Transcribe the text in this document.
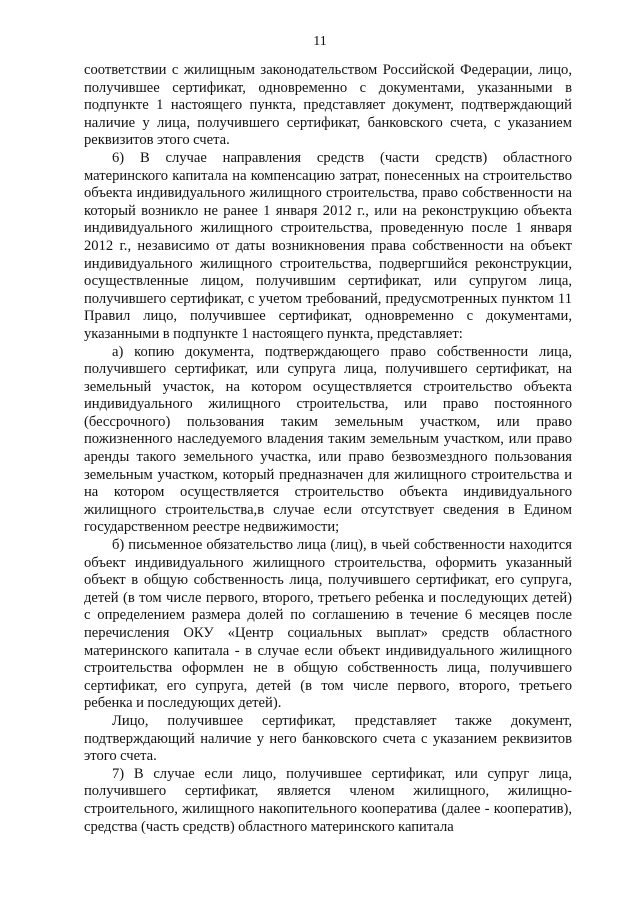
11

соответствии с жилищным законодательством Российской Федерации, лицо, получившее сертификат, одновременно с документами, указанными в подпункте 1 настоящего пункта, представляет документ, подтверждающий наличие у лица, получившего сертификат, банковского счета, с указанием реквизитов этого счета.

6) В случае направления средств (части средств) областного материнского капитала на компенсацию затрат, понесенных на строительство объекта индивидуального жилищного строительства, право собственности на который возникло не ранее 1 января 2012 г., или на реконструкцию объекта индивидуального жилищного строительства, проведенную после 1 января 2012 г., независимо от даты возникновения права собственности на объект индивидуального жилищного строительства, подвергшийся реконструкции, осуществленные лицом, получившим сертификат, или супругом лица, получившего сертификат, с учетом требований, предусмотренных пунктом 11 Правил лицо, получившее сертификат, одновременно с документами, указанными в подпункте 1 настоящего пункта, представляет:

а) копию документа, подтверждающего право собственности лица, получившего сертификат, или супруга лица, получившего сертификат, на земельный участок, на котором осуществляется строительство объекта индивидуального жилищного строительства, или право постоянного (бессрочного) пользования таким земельным участком, или право пожизненного наследуемого владения таким земельным участком, или право аренды такого земельного участка, или право безвозмездного пользования земельным участком, который предназначен для жилищного строительства и на котором осуществляется строительство объекта индивидуального жилищного строительства,в случае если отсутствует сведения в Едином государственном реестре недвижимости;

б) письменное обязательство лица (лиц), в чьей собственности находится объект индивидуального жилищного строительства, оформить указанный объект в общую собственность лица, получившего сертификат, его супруга, детей (в том числе первого, второго, третьего ребенка и последующих детей) с определением размера долей по соглашению в течение 6 месяцев после перечисления ОКУ «Центр социальных выплат» средств областного материнского капитала - в случае если объект индивидуального жилищного строительства оформлен не в общую собственность лица, получившего сертификат, его супруга, детей (в том числе первого, второго, третьего ребенка и последующих детей).

Лицо, получившее сертификат, представляет также документ, подтверждающий наличие у него банковского счета с указанием реквизитов этого счета.

7) В случае если лицо, получившее сертификат, или супруг лица, получившего сертификат, является членом жилищного, жилищно-строительного, жилищного накопительного кооператива (далее - кооператив), средства (часть средств) областного материнского капитала
